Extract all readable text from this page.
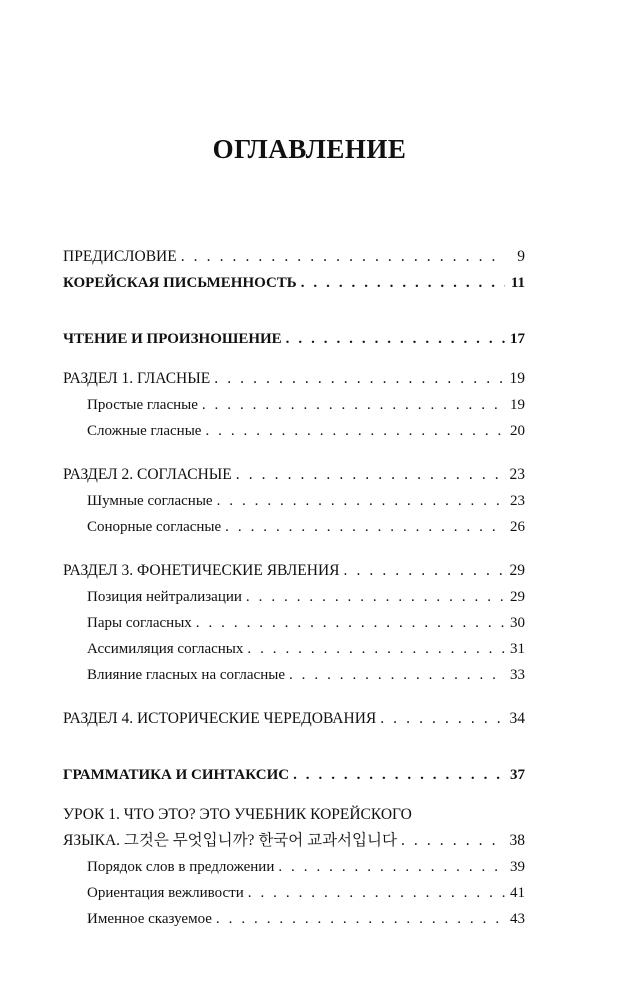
ОГЛАВЛЕНИЕ
ПРЕДИСЛОВИЕ . . .	9
КОРЕЙСКАЯ ПИСЬМЕННОСТЬ . . .	11
ЧТЕНИЕ И ПРОИЗНОШЕНИЕ . . .	17
РАЗДЕЛ 1. ГЛАСНЫЕ . . .	19
Простые гласные . . .	19
Сложные гласные . . .	20
РАЗДЕЛ 2. СОГЛАСНЫЕ . . .	23
Шумные согласные . . .	23
Сонорные согласные . . .	26
РАЗДЕЛ 3. ФОНЕТИЧЕСКИЕ ЯВЛЕНИЯ . . .	29
Позиция нейтрализации . . .	29
Пары согласных . . .	30
Ассимиляция согласных . . .	31
Влияние гласных на согласные . . .	33
РАЗДЕЛ 4. ИСТОРИЧЕСКИЕ ЧЕРЕДОВАНИЯ . . .	34
ГРАММАТИКА И СИНТАКСИС . . .	37
УРОК 1. ЧТО ЭТО? ЭТО УЧЕБНИК КОРЕЙСКОГО
ЯЗЫКА. 그것은 무엇입니까? 한국어 교과서입니다 . . .	38
Порядок слов в предложении . . .	39
Ориентация вежливости . . .	41
Именное сказуемое . . .	43
